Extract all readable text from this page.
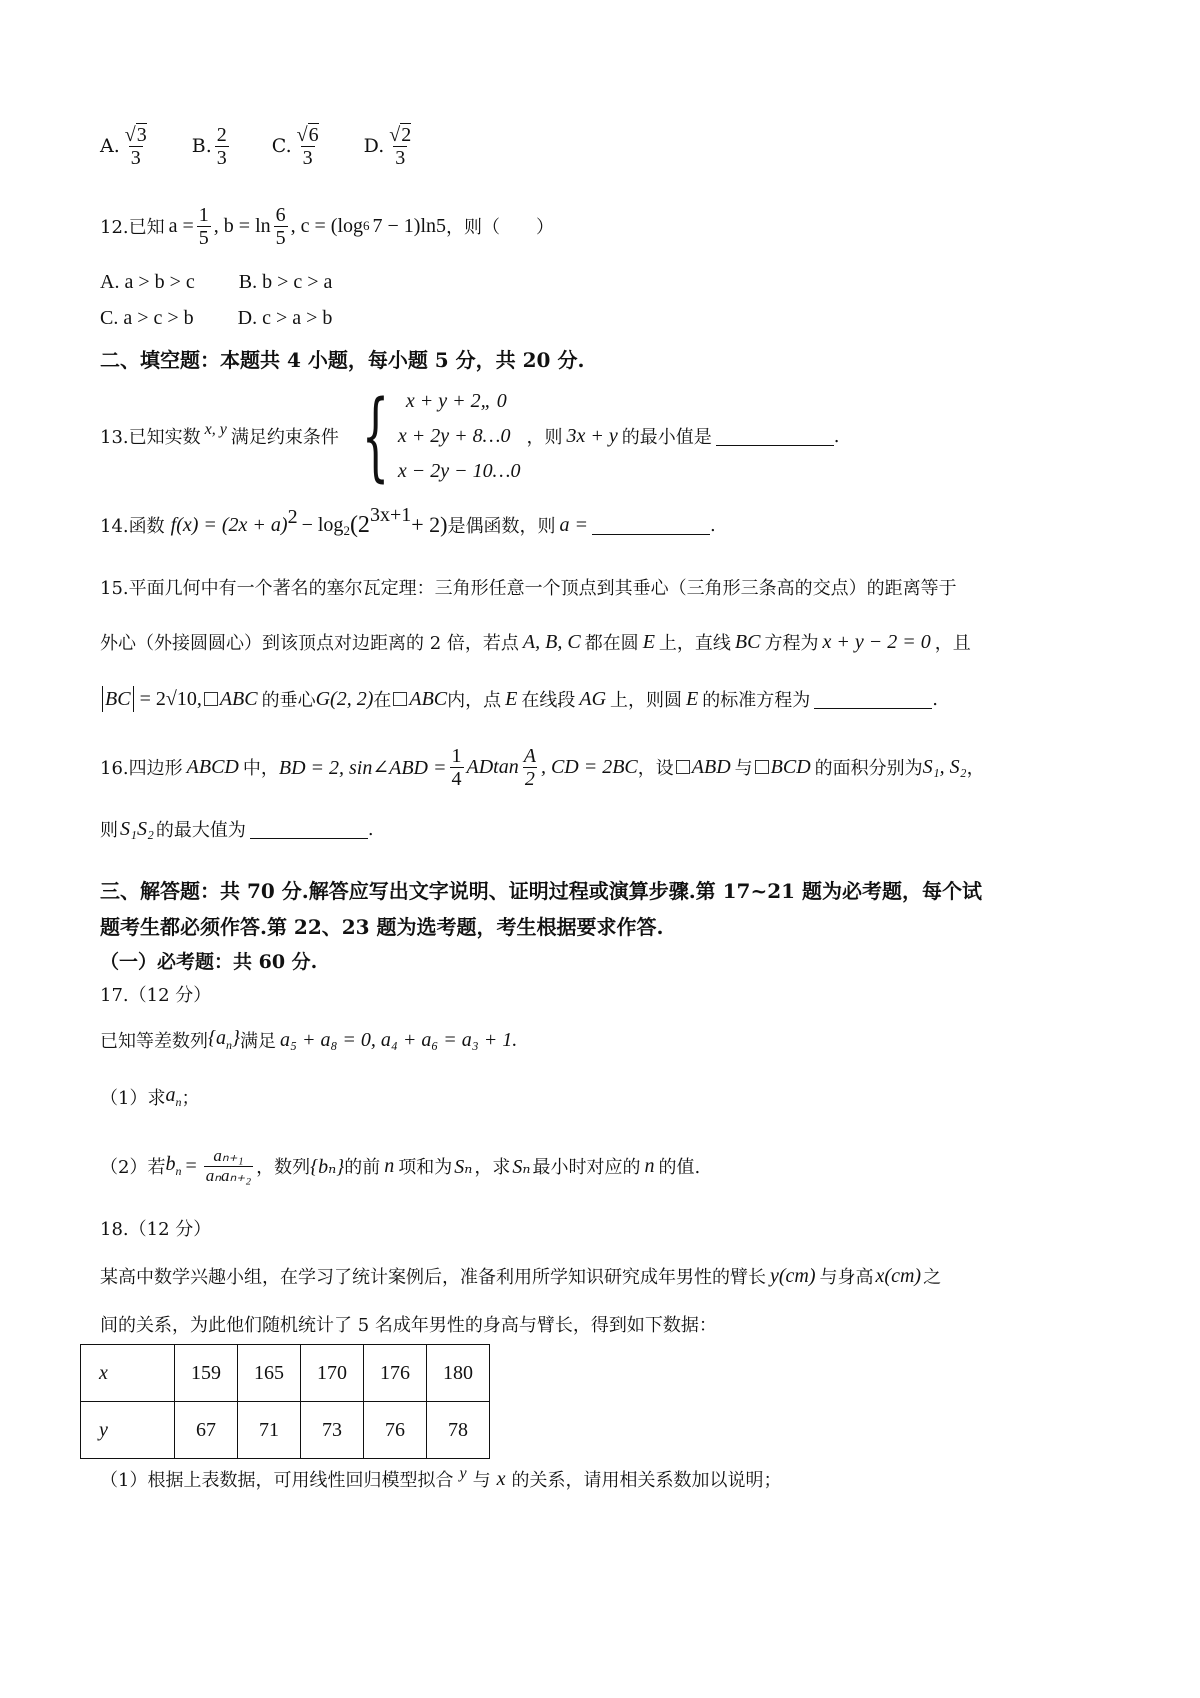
A. $\frac{√3}{3} B$. $\frac{2}{3} C$. $\frac{√6}{3} D$. $\frac{√2}{3}$
12.已知 $a = \frac{1}{5}$ , $b = \ln \frac{6}{5}$ , c = (log 6 7 − 1)ln5 ，则（　　）
A. a > b > c B. b > c > a
C. a > c > b D. c > a > b
二、填空题：本题共 4 小题，每小题 5 分，共 20 分.
13.已知实数 x, y 满足约束条件 { x + y + 2„ 0
x + 2y + 8…0
x − 2y − 10…0
，则 3x + y 的最小值是	.
14.函数 $f(x) = (2x + a)^2 - \log_2 (2^{3x+1} + 2)$ 是偶函数，则 a =	.
15.平面几何中有一个著名的塞尔瓦定理：三角形任意一个顶点到其垂心（三角形三条高的交点）的距离等于
外心（外接圆圆心）到该顶点对边距离的 2 倍，若点 A, B, C 都在圆 E 上，直线 BC 方程为 x + y − 2 = 0 ，且
BC = 2√10, ABC 的垂心 G(2, 2) 在 ABC 内，点 E 在线段 AG 上，则圆 E 的标准方程为	.
16.四边形 ABCD 中， BD = 2, sin∠ABD = $\frac{1}{4}$ ADtan $\frac{A}{2}$ , CD = 2BC ，设 ABD 与 BCD 的面积分别为 S₁, S₂ ，
则 S₁S₂ 的最大值为	.
三、解答题：共 70 分.解答应写出文字说明、证明过程或演算步骤.第 17~21 题为必考题，每个试
题考生都必须作答.第 22、23 题为选考题，考生根据要求作答.
（一）必考题：共 60 分.
17.（12 分）
已知等差数列 $\{a_n\}$ 满足 a₅ + a₈ = 0, a₄ + a₆ = a₃ + 1.
（1）求 $a_n$ ；
（2）若 $b_n = \frac{\text{aₙ₊₁}}{\text{aₙaₙ₊₂}}$ ，数列 {bₙ} 的前 n 项和为 Sₙ ，求 Sₙ 最小时对应的 n 的值.
18.（12 分）
某高中数学兴趣小组，在学习了统计案例后，准备利用所学知识研究成年男性的臂长 y(cm) 与身高 x(cm) 之
间的关系，为此他们随机统计了 5 名成年男性的身高与臂长，得到如下数据：
x	159	165	170	176	180
y	67	71	73	76	78
（1）根据上表数据，可用线性回归模型拟合 y 与 x 的关系，请用相关系数加以说明；
